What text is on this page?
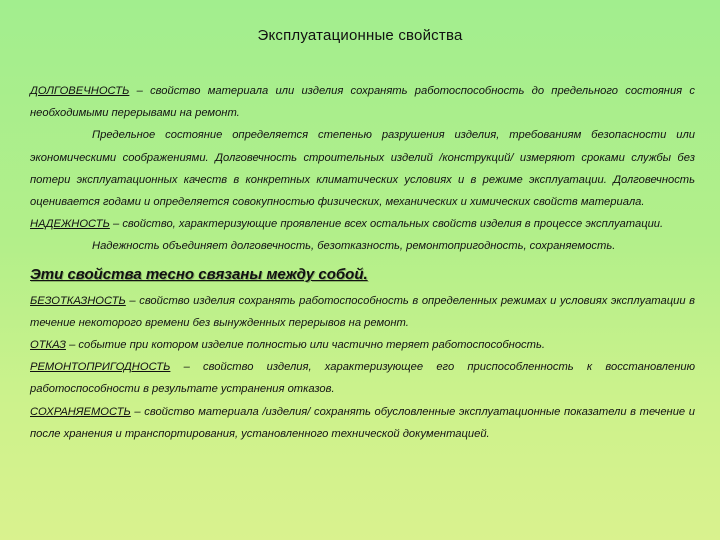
Эксплуатационные свойства

ДОЛГОВЕЧНОСТЬ – свойство материала или изделия сохранять работоспособность до предельного состояния с необходимыми перерывами на ремонт.

Предельное состояние определяется степенью разрушения изделия, требованиям безопасности или экономическими соображениями. Долговечность строительных изделий /конструкций/ измеряют сроками службы без потери эксплуатационных качеств в конкретных климатических условиях и в режиме эксплуатации. Долговечность оценивается годами и определяется совокупностью физических, механических и химических свойств материала.

НАДЕЖНОСТЬ – свойство, характеризующие проявление всех остальных свойств изделия в процессе эксплуатации.

Надежность объединяет долговечность, безотказность, ремонтопригодность, сохраняемость.

Эти свойства тесно связаны между собой.

БЕЗОТКАЗНОСТЬ – свойство изделия сохранять работоспособность в определенных режимах и условиях эксплуатации в течение некоторого времени без вынужденных перерывов на ремонт.

ОТКАЗ – событие при котором изделие полностью или частично теряет работоспособность.

РЕМОНТОПРИГОДНОСТЬ – свойство изделия, характеризующее его приспособленность к восстановлению работоспособности в результате устранения отказов.

СОХРАНЯЕМОСТЬ – свойство материала /изделия/ сохранять обусловленные эксплуатационные показатели в течение и после хранения и транспортирования, установленного технической документацией.
